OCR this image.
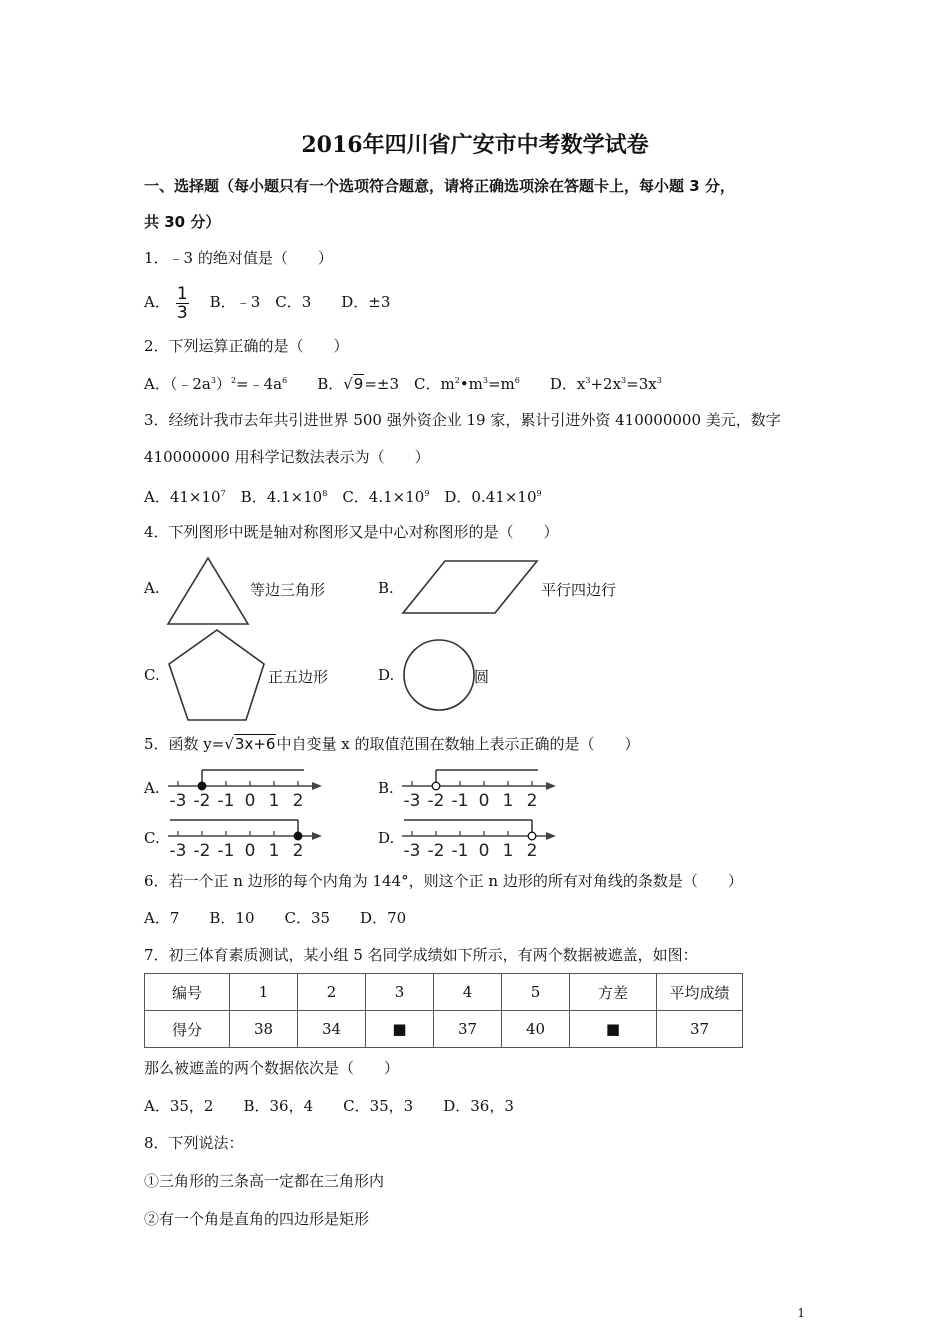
2016年四川省广安市中考数学试卷
一、选择题（每小题只有一个选项符合题意，请将正确选项涂在答题卡上，每小题 3 分，
共 30 分）
1．﹣3 的绝对值是（　　）
A． $\frac{1}{3}$ 　B．﹣3　C．3　　D．±3
2．下列运算正确的是（　　）
A．$(﹣2a^3)^2=﹣4a^6$　　B．√9=±3　C．$m^2•m^3=m^6$　　D．$x^3+2x^3=3x^3$
3．经统计我市去年共引进世界 500 强外资企业 19 家，累计引进外资 410000000 美元，数字
410000000 用科学记数法表示为（　　）
A．$41\times 10^7$　B．$4.1\times 10^8$　C．$4.1\times 10^9$　D．$0.41\times 10^9$
4．下列图形中既是轴对称图形又是中心对称图形的是（　　）
A.	等边三角形	B.	平行四边行
C.	正五边形	D.	圆
5．函数 y=√3x+6中自变量 x 的取值范围在数轴上表示正确的是（　　）
A.
-3 -2 -1 0 1 2
B.
-3 -2 -1 0 1 2
C.
-3 -2 -1 0 1 2
D.
-3 -2 -1 0 1 2
6．若一个正 n 边形的每个内角为 144°，则这个正 n 边形的所有对角线的条数是（　　）
A．7　　B．10　　C．35　　D．70
7．初三体育素质测试，某小组 5 名同学成绩如下所示，有两个数据被遮盖，如图：
编号	1	2	3	4	5	方差	平均成绩
得分	38	34	■	37	40	■	37
那么被遮盖的两个数据依次是（　　）
A．35，2　　B．36，4　　C．35，3　　D．36，3
8．下列说法：
①三角形的三条高一定都在三角形内
②有一个角是直角的四边形是矩形
1
